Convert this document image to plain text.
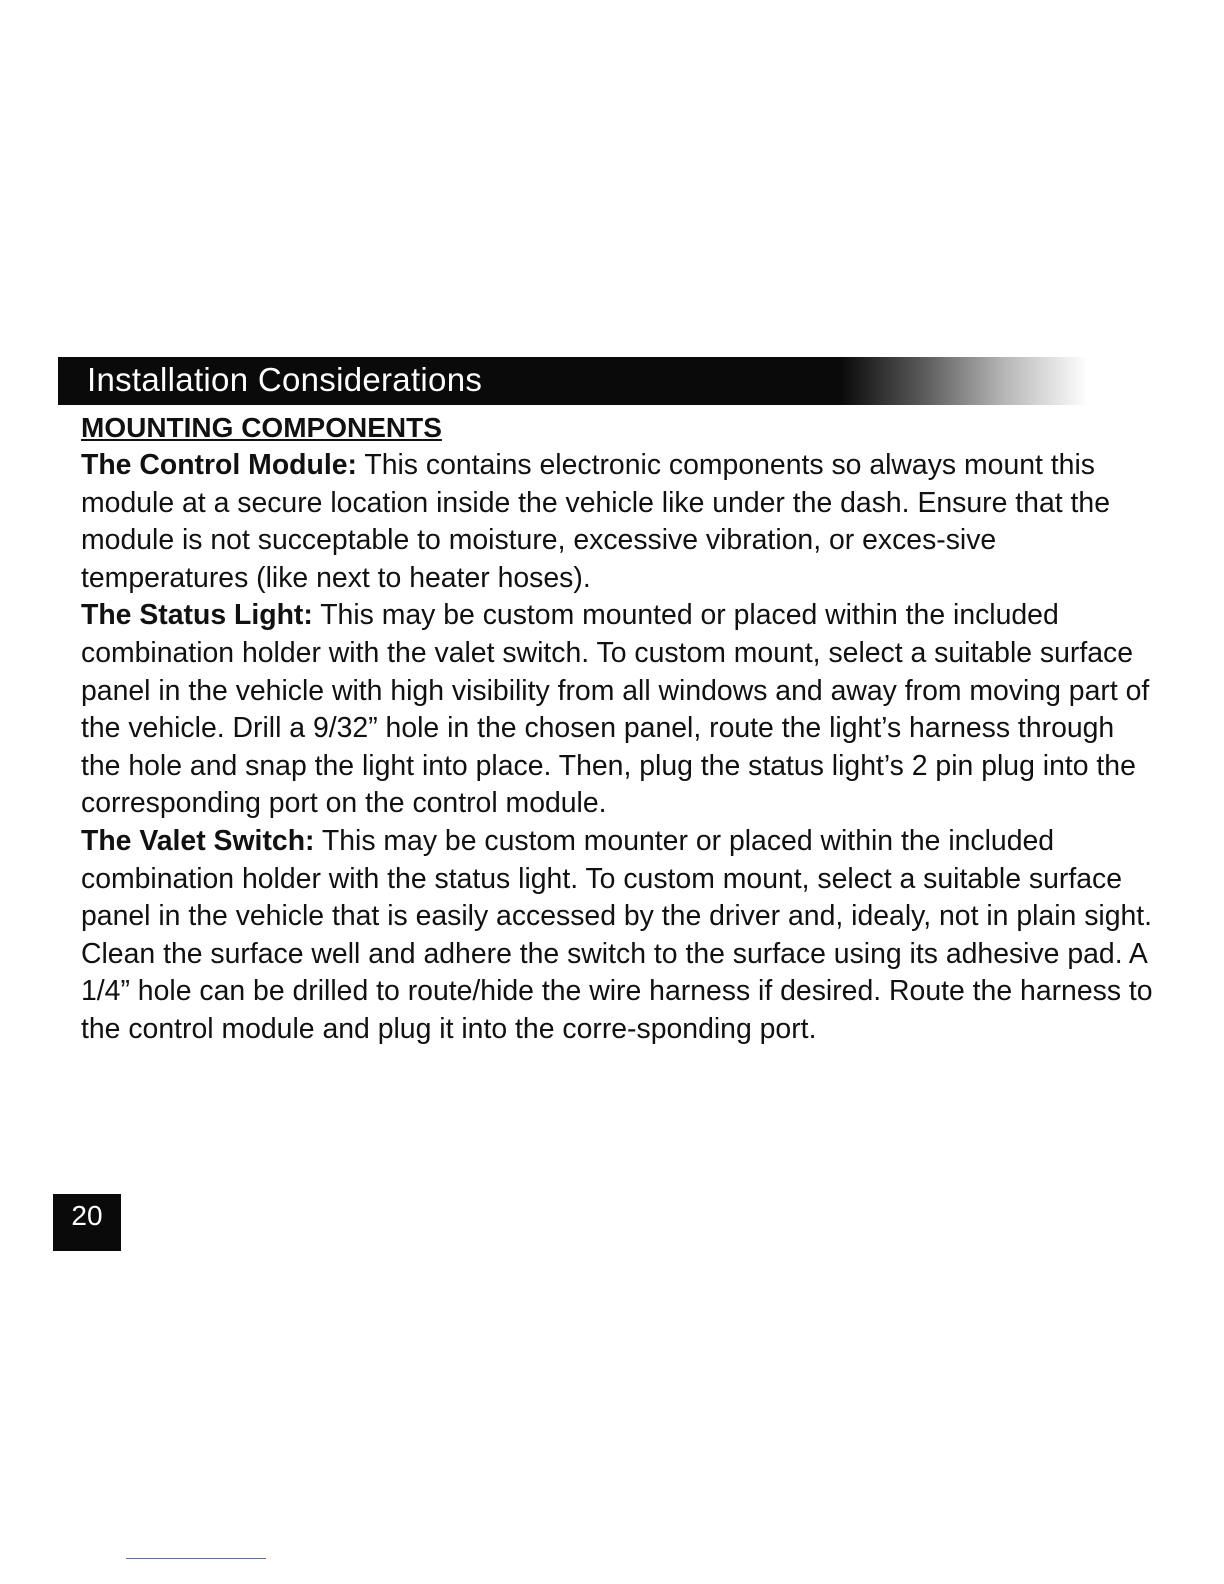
Installation Considerations

MOUNTING COMPONENTS

The Control Module: This contains electronic components so always mount this module at a secure location inside the vehicle like under the dash. Ensure that the module is not succeptable to moisture, excessive vibration, or exces-sive temperatures (like next to heater hoses).

The Status Light: This may be custom mounted or placed within the included combination holder with the valet switch. To custom mount, select a suitable surface panel in the vehicle with high visibility from all windows and away from moving part of the vehicle. Drill a 9/32” hole in the chosen panel, route the light’s harness through the hole and snap the light into place. Then, plug the status light’s 2 pin plug into the corresponding port on the control module.

The Valet Switch: This may be custom mounter or placed within the included combination holder with the status light. To custom mount, select a suitable surface panel in the vehicle that is easily accessed by the driver and, idealy, not in plain sight. Clean the surface well and adhere the switch to the surface using its adhesive pad. A 1/4” hole can be drilled to route/hide the wire harness if desired. Route the harness to the control module and plug it into the corre-sponding port.

20
